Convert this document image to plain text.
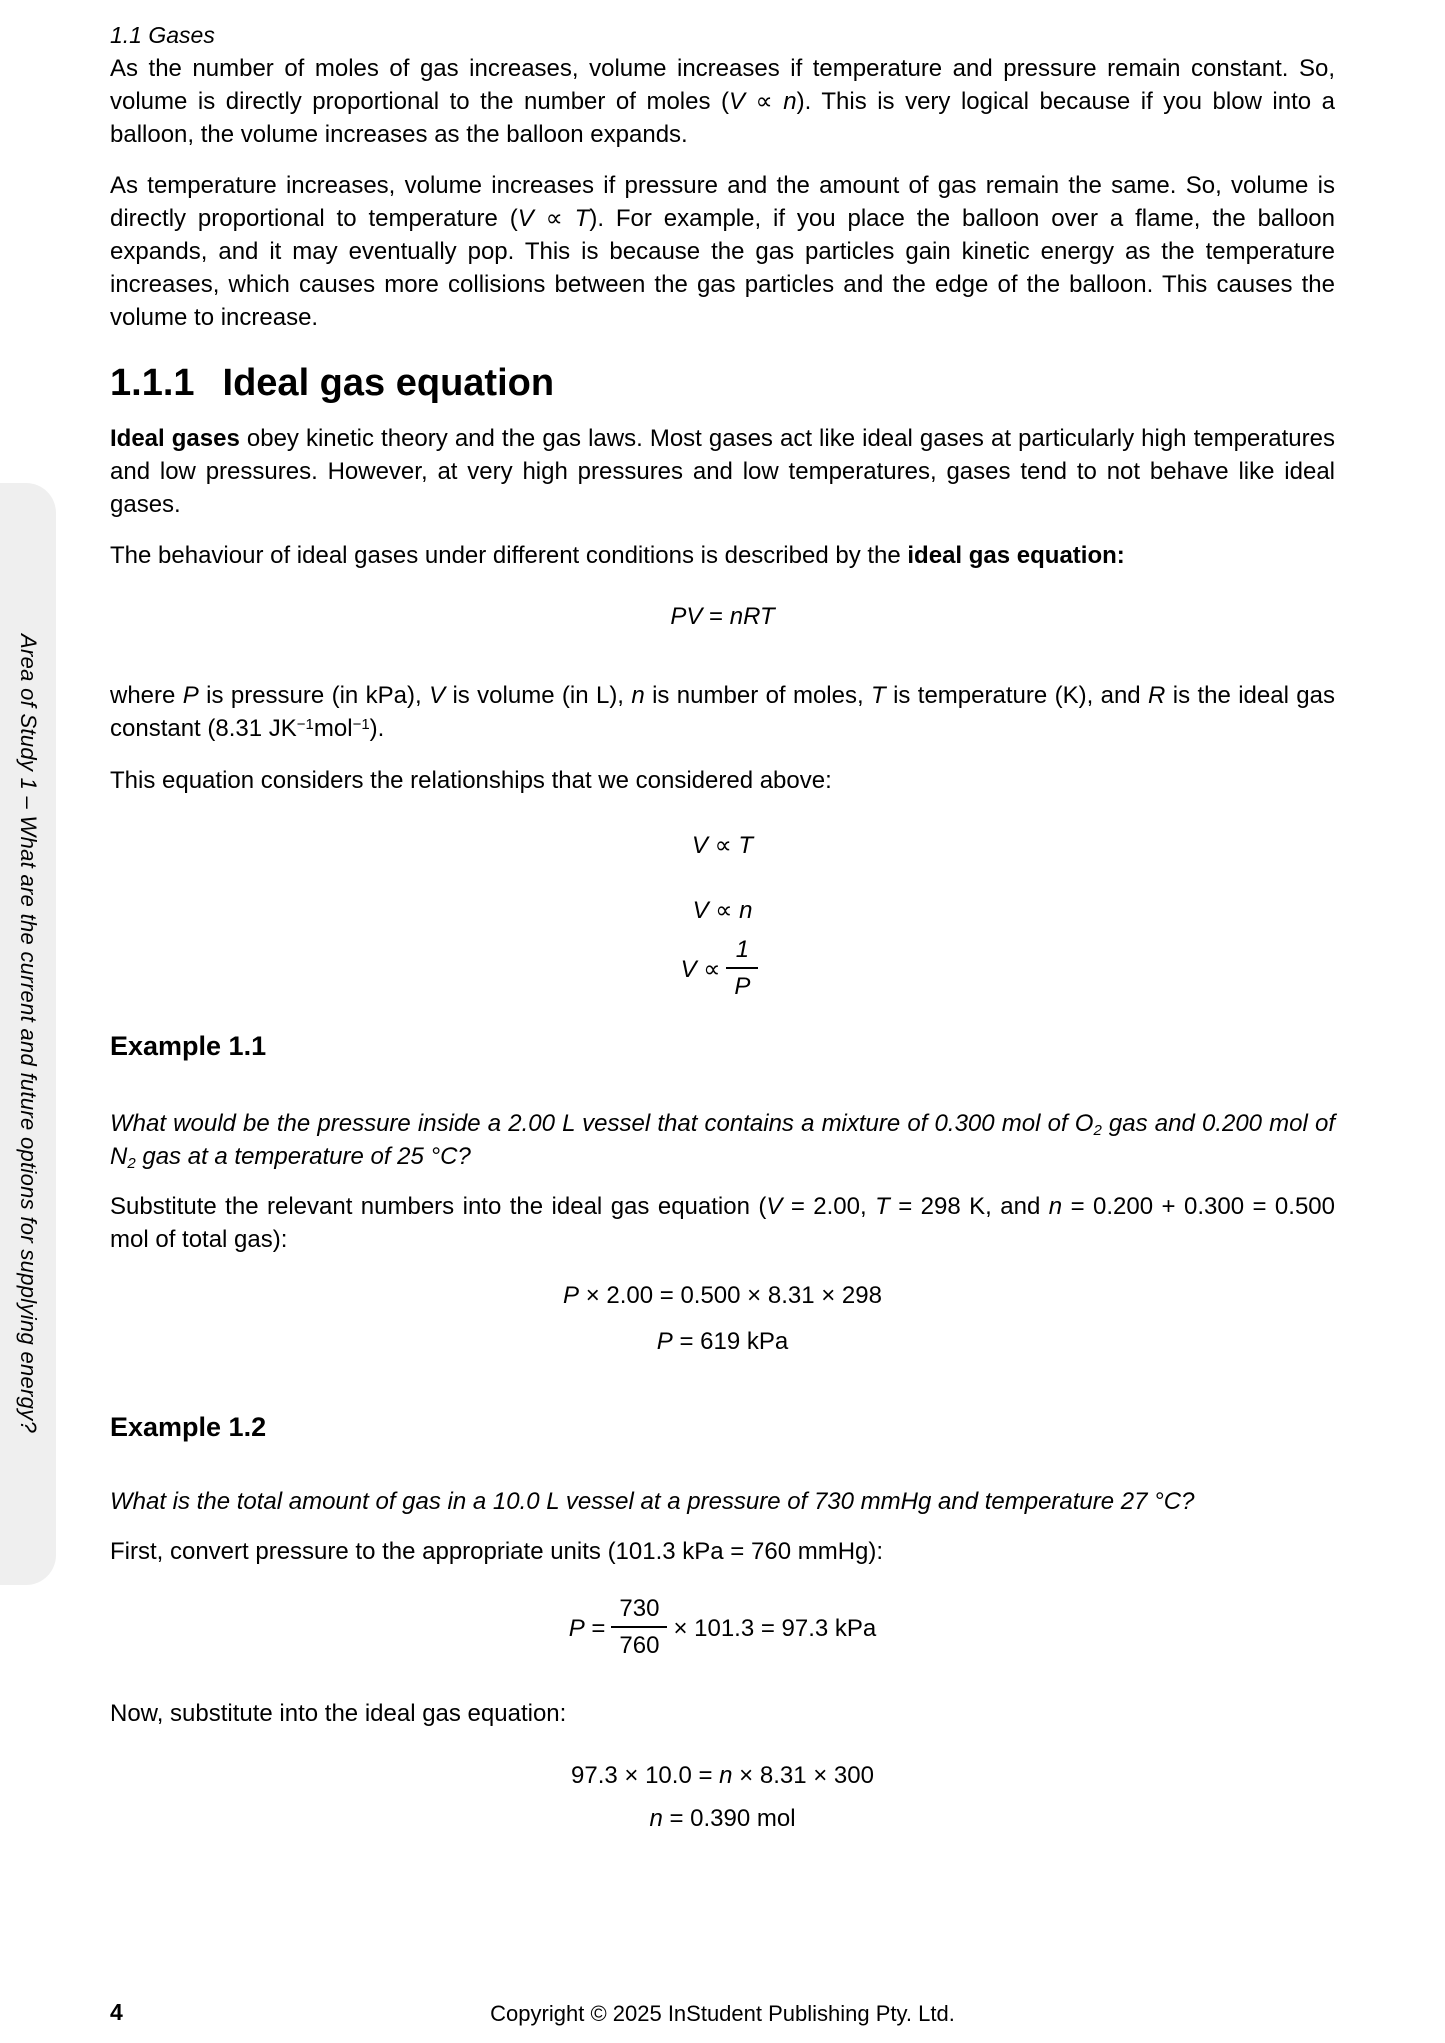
1.1 Gases
Area of Study 1 – What are the current and future options for supplying energy?

As the number of moles of gas increases, volume increases if temperature and pressure remain constant. So, volume is directly proportional to the number of moles (V ∝ n). This is very logical because if you blow into a balloon, the volume increases as the balloon expands.

As temperature increases, volume increases if pressure and the amount of gas remain the same. So, volume is directly proportional to temperature (V ∝ T). For example, if you place the balloon over a flame, the balloon expands, and it may eventually pop. This is because the gas particles gain kinetic energy as the temperature increases, which causes more collisions between the gas particles and the edge of the balloon. This causes the volume to increase.

1.1.1 Ideal gas equation

Ideal gases obey kinetic theory and the gas laws. Most gases act like ideal gases at particularly high temperatures and low pressures. However, at very high pressures and low temperatures, gases tend to not behave like ideal gases.

The behaviour of ideal gases under different conditions is described by the ideal gas equation:

PV = nRT

where P is pressure (in kPa), V is volume (in L), n is number of moles, T is temperature (K), and R is the ideal gas constant (8.31 $JK^{-1}mol^{-1}$).

This equation considers the relationships that we considered above:

V ∝ T
V ∝ n
$V \propto \frac{1}{P}$
Example 1.1

What would be the pressure inside a 2.00 L vessel that contains a mixture of 0.300 mol of $O_2$ gas and 0.200 mol of $N_2$ gas at a temperature of 25 °C?

Substitute the relevant numbers into the ideal gas equation (V = 2.00, T = 298 K, and n = 0.200 + 0.300 = 0.500 mol of total gas):

P × 2.00 = 0.500 × 8.31 × 298
P = 619 kPa
Example 1.2

What is the total amount of gas in a 10.0 L vessel at a pressure of 730 mmHg and temperature 27 °C?

First, convert pressure to the appropriate units (101.3 kPa = 760 mmHg):

$P = \frac{730}{760} \times 101.3 = 97.3$ kPa

Now, substitute into the ideal gas equation:

97.3 × 10.0 = n × 8.31 × 300
n = 0.390 mol
4	Copyright © 2025 InStudent Publishing Pty. Ltd.
